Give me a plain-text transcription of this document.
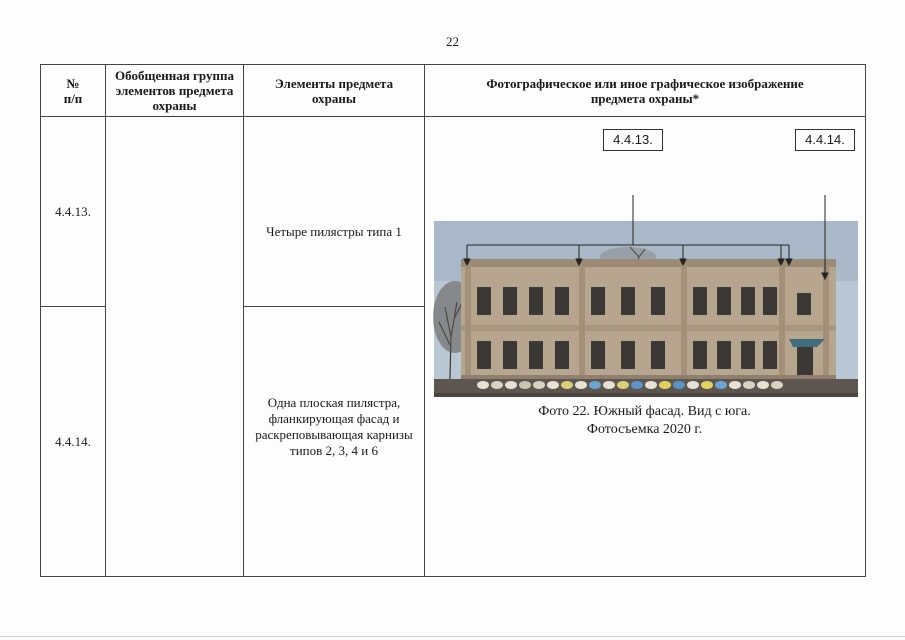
22
№
п/п	Обобщенная группа элементов предмета охраны	Элементы предмета охраны	Фотографическое или иное графическое изображение предмета охраны*
4.4.13.		Четыре пилястры типа 1	4.4.13. 4.4.14.
Фото 22. Южный фасад. Вид с юга.
Фотосъемка 2020 г.

4.4.14.		Одна плоская пилястра, фланкирующая фасад и раскреповывающая карнизы типов 2, 3, 4 и 6	
